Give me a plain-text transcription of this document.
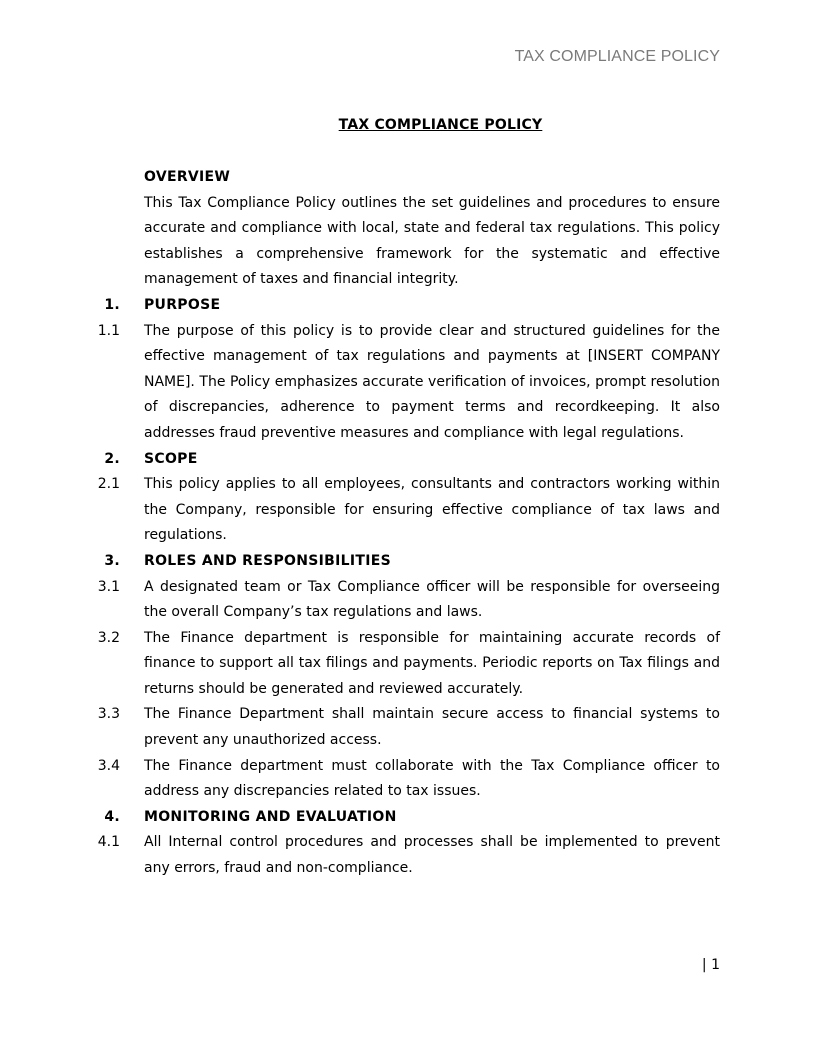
TAX COMPLIANCE POLICY
TAX COMPLIANCE POLICY
OVERVIEW
This Tax Compliance Policy outlines the set guidelines and procedures to ensure accurate and compliance with local, state and federal tax regulations. This policy establishes a comprehensive framework for the systematic and effective management of taxes and financial integrity.
1. PURPOSE
1.1 The purpose of this policy is to provide clear and structured guidelines for the effective management of tax regulations and payments at [INSERT COMPANY NAME]. The Policy emphasizes accurate verification of invoices, prompt resolution of discrepancies, adherence to payment terms and recordkeeping. It also addresses fraud preventive measures and compliance with legal regulations.
2. SCOPE
2.1 This policy applies to all employees, consultants and contractors working within the Company, responsible for ensuring effective compliance of tax laws and regulations.
3. ROLES AND RESPONSIBILITIES
3.1 A designated team or Tax Compliance officer will be responsible for overseeing the overall Company’s tax regulations and laws.
3.2 The Finance department is responsible for maintaining accurate records of finance to support all tax filings and payments. Periodic reports on Tax filings and returns should be generated and reviewed accurately.
3.3 The Finance Department shall maintain secure access to financial systems to prevent any unauthorized access.
3.4 The Finance department must collaborate with the Tax Compliance officer to address any discrepancies related to tax issues.
4. MONITORING AND EVALUATION
4.1 All Internal control procedures and processes shall be implemented to prevent any errors, fraud and non-compliance.
| 1
